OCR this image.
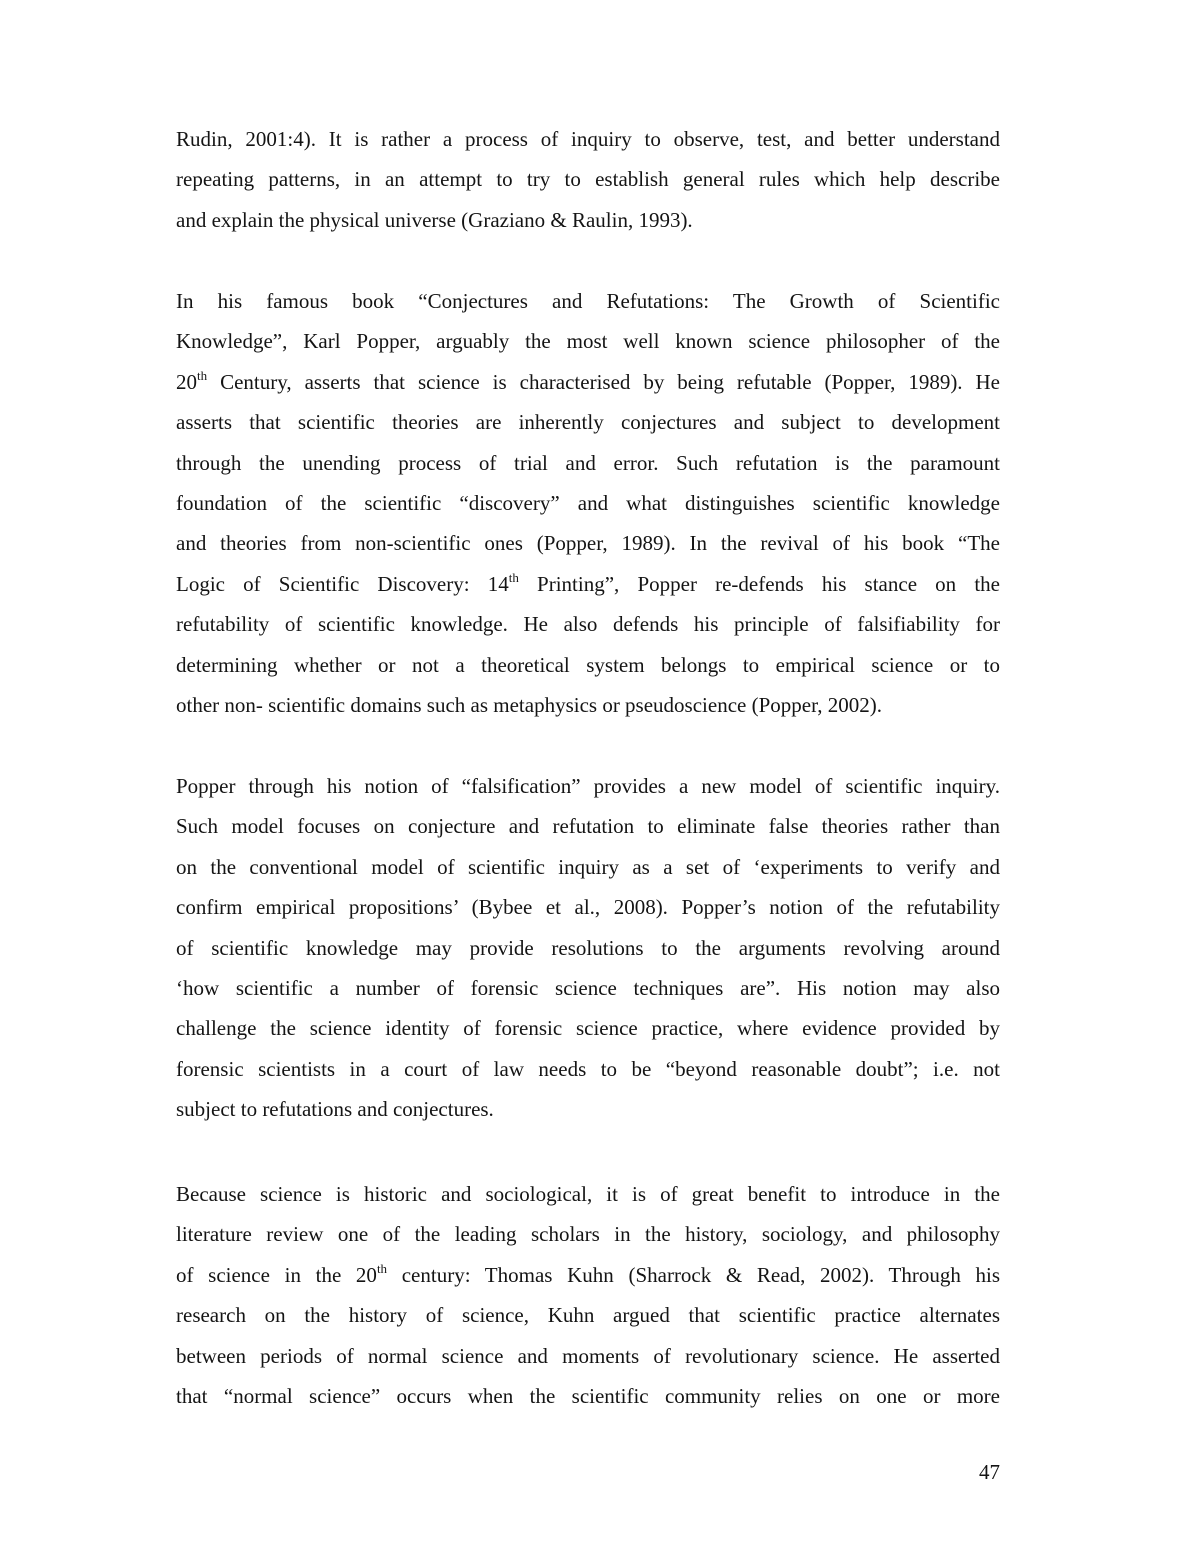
Rudin, 2001:4). It is rather a process of inquiry to observe, test, and better understand
repeating patterns, in an attempt to try to establish general rules which help describe
and explain the physical universe (Graziano & Raulin, 1993).

In his famous book “Conjectures and Refutations: The Growth of Scientific
Knowledge”, Karl Popper, arguably the most well known science philosopher of the
20th Century, asserts that science is characterised by being refutable (Popper, 1989). He
asserts that scientific theories are inherently conjectures and subject to development
through the unending process of trial and error. Such refutation is the paramount
foundation of the scientific “discovery” and what distinguishes scientific knowledge
and theories from non-scientific ones (Popper, 1989). In the revival of his book “The
Logic of Scientific Discovery: 14th Printing”, Popper re-defends his stance on the
refutability of scientific knowledge. He also defends his principle of falsifiability for
determining whether or not a theoretical system belongs to empirical science or to
other non- scientific domains such as metaphysics or pseudoscience (Popper, 2002).

Popper through his notion of “falsification” provides a new model of scientific inquiry.
Such model focuses on conjecture and refutation to eliminate false theories rather than
on the conventional model of scientific inquiry as a set of ‘experiments to verify and
confirm empirical propositions’ (Bybee et al., 2008). Popper’s notion of the refutability
of scientific knowledge may provide resolutions to the arguments revolving around
‘how scientific a number of forensic science techniques are”. His notion may also
challenge the science identity of forensic science practice, where evidence provided by
forensic scientists in a court of law needs to be “beyond reasonable doubt”; i.e. not
subject to refutations and conjectures.

Because science is historic and sociological, it is of great benefit to introduce in the
literature review one of the leading scholars in the history, sociology, and philosophy
of science in the 20th century: Thomas Kuhn (Sharrock & Read, 2002). Through his
research on the history of science, Kuhn argued that scientific practice alternates
between periods of normal science and moments of revolutionary science. He asserted
that “normal science” occurs when the scientific community relies on one or more

47
